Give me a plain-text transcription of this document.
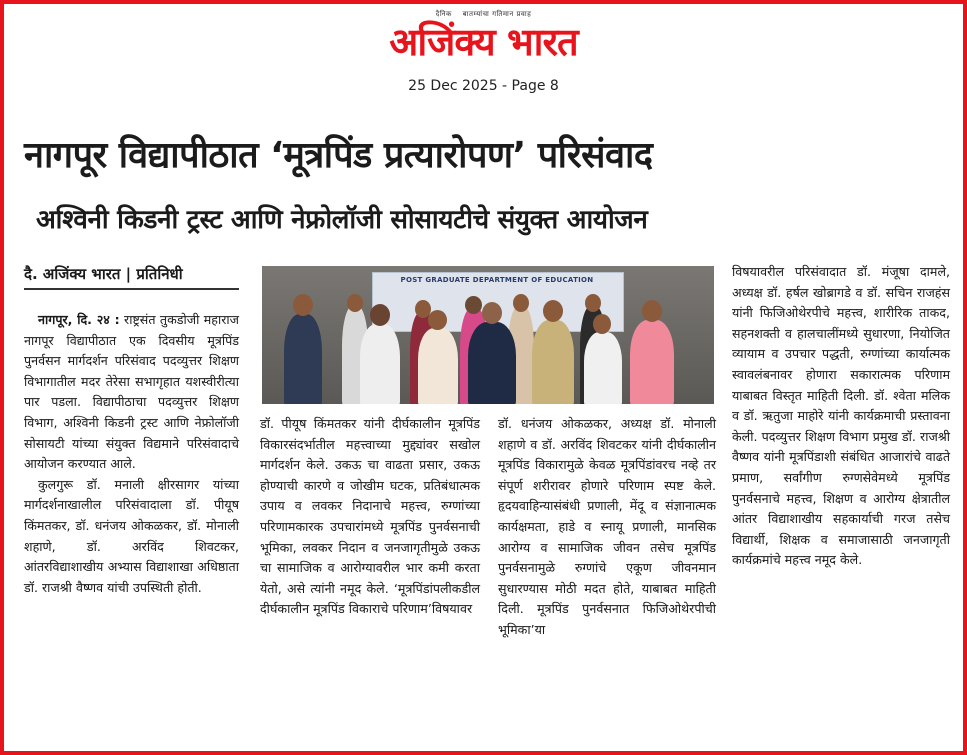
दैनिक बातम्यांचा गतिमान प्रवाह
अजिंक्य भारत
25 Dec 2025 - Page 8
नागपूर विद्यापीठात ‘मूत्रपिंड प्रत्यारोपण’ परिसंवाद
अश्विनी किडनी ट्रस्ट आणि नेफ्रोलॉजी सोसायटीचे संयुक्त आयोजन
दै. अजिंक्य भारत | प्रतिनिधी

नागपूर, दि. २४ : राष्ट्रसंत तुकडोजी महाराज नागपूर विद्यापीठात एक दिवसीय मूत्रपिंड पुनर्वसन मार्गदर्शन परिसंवाद पदव्युत्तर शिक्षण विभागातील मदर तेरेसा सभागृहात यशस्वीरीत्या पार पडला. विद्यापीठाचा पदव्युत्तर शिक्षण विभाग, अश्विनी किडनी ट्रस्ट आणि नेफ्रोलॉजी सोसायटी यांच्या संयुक्त विद्यमाने परिसंवादाचे आयोजन करण्यात आले.

कुलगुरू डॉ. मनाली क्षीरसागर यांच्या मार्गदर्शनाखालील परिसंवादाला डॉ. पीयूष किंमतकर, डॉ. धनंजय ओकळकर, डॉ. मोनाली शहाणे, डॉ. अरविंद शिवटकर, आंतरविद्याशाखीय अभ्यास विद्याशाखा अधिष्ठाता डॉ. राजश्री वैष्णव यांची उपस्थिती होती.

POST GRADUATE DEPARTMENT OF EDUCATION

डॉ. पीयूष किंमतकर यांनी दीर्घकालीन मूत्रपिंड विकारसंदर्भातील महत्त्वाच्या मुद्द्यांवर सखोल मार्गदर्शन केले. उकऊ चा वाढता प्रसार, उकऊ होण्याची कारणे व जोखीम घटक, प्रतिबंधात्मक उपाय व लवकर निदानाचे महत्त्व, रुग्णांच्या परिणामकारक उपचारांमध्ये मूत्रपिंड पुनर्वसनाची भूमिका, लवकर निदान व जनजागृतीमुळे उकऊ चा सामाजिक व आरोग्यावरील भार कमी करता येतो, असे त्यांनी नमूद केले. ‘मूत्रपिंडांपलीकडील दीर्घकालीन मूत्रपिंड विकाराचे परिणाम’विषयावर

डॉ. धनंजय ओकळकर, अध्यक्ष डॉ. मोनाली शहाणे व डॉ. अरविंद शिवटकर यांनी दीर्घकालीन मूत्रपिंड विकारामुळे केवळ मूत्रपिंडांवरच नव्हे तर संपूर्ण शरीरावर होणारे परिणाम स्पष्ट केले. हृदयवाहिन्यासंबंधी प्रणाली, मेंदू व संज्ञानात्मक कार्यक्षमता, हाडे व स्नायू प्रणाली, मानसिक आरोग्य व सामाजिक जीवन तसेच मूत्रपिंड पुनर्वसनामुळे रुग्णांचे एकूण जीवनमान सुधारण्यास मोठी मदत होते, याबाबत माहिती दिली. मूत्रपिंड पुनर्वसनात फिजिओथेरपीची भूमिका’या

विषयावरील परिसंवादात डॉ. मंजूषा दामले, अध्यक्ष डॉ. हर्षल खोब्रागडे व डॉ. सचिन राजहंस यांनी फिजिओथेरपीचे महत्त्व, शारीरिक ताकद, सहनशक्ती व हालचालींमध्ये सुधारणा, नियोजित व्यायाम व उपचार पद्धती, रुग्णांच्या कार्यात्मक स्वावलंबनावर होणारा सकारात्मक परिणाम याबाबत विस्तृत माहिती दिली. डॉ. श्वेता मलिक व डॉ. ऋतुजा माहोरे यांनी कार्यक्रमाची प्रस्तावना केली. पदव्युत्तर शिक्षण विभाग प्रमुख डॉ. राजश्री वैष्णव यांनी मूत्रपिंडाशी संबंधित आजारांचे वाढते प्रमाण, सर्वांगीण रुग्णसेवेमध्ये मूत्रपिंड पुनर्वसनाचे महत्त्व, शिक्षण व आरोग्य क्षेत्रातील आंतर विद्याशाखीय सहकार्याची गरज तसेच विद्यार्थी, शिक्षक व समाजासाठी जनजागृती कार्यक्रमांचे महत्त्व नमूद केले.
